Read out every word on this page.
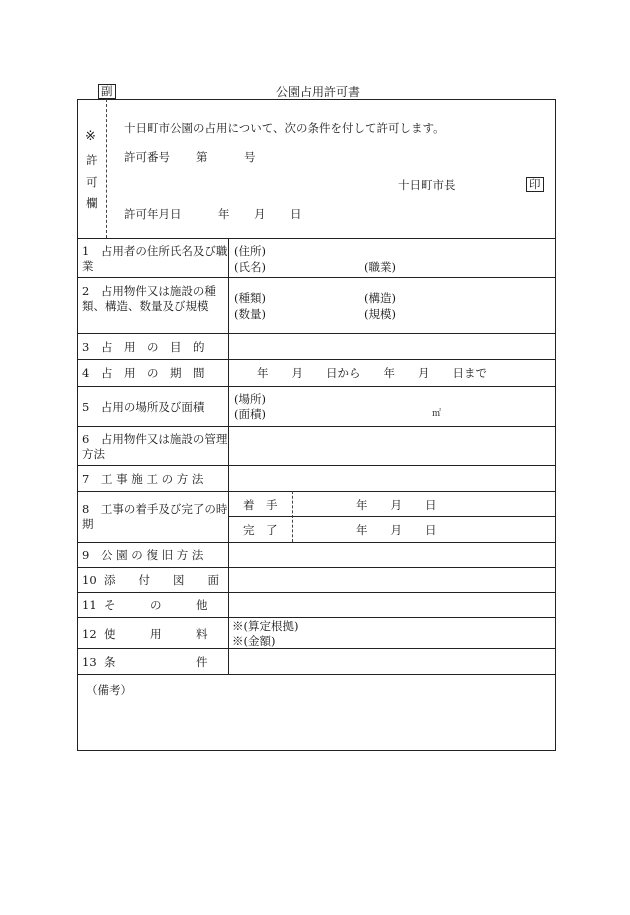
副	公園占用許可書
※
許
可
欄
十日町市公園の占用について、次の条件を付して許可します。
許可番号 第	号
十日町市長	印
許可年月日	年 月 日
1　占用者の住所氏名及び職業
(住所)
(氏名)	(職業)
2　占用物件又は施設の種類、構造、数量及び規模
(種類)	(構造)
(数量)	(規模)
3 占　用　の　目　的
4 占　用　の　期　間	年　　月　　日から　　年　　月　　日まで
5　占用の場所及び面積
(場所)
(面積)	㎡
6　占用物件又は施設の管理方法
7 工 事 施 工 の 方 法
8　工事の着手及び完了の時期
着　手	年　　月　　日
完　了	年　　月　　日
9 公 園 の 復 旧 方 法
10 添　　付　　図　　面
11 そ　　　の　　　他
12 使　　　用　　　料
※(算定根拠)
※(金額)
13 条　　　　　　　件
（備考）
